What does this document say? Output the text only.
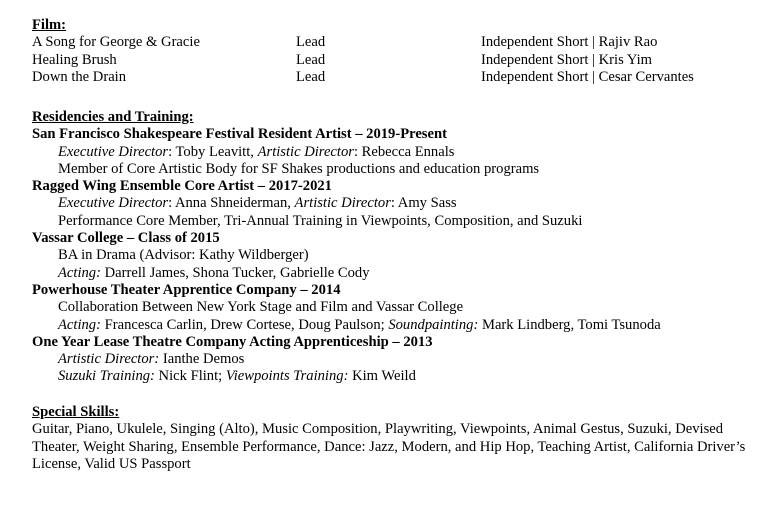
Film:
A Song for George & Gracie	Lead	Independent Short | Rajiv Rao
Healing Brush	Lead	Independent Short | Kris Yim
Down the Drain	Lead	Independent Short | Cesar Cervantes
Residencies and Training:
San Francisco Shakespeare Festival Resident Artist – 2019-Present
Executive Director: Toby Leavitt, Artistic Director: Rebecca Ennals
Member of Core Artistic Body for SF Shakes productions and education programs
Ragged Wing Ensemble Core Artist – 2017-2021
Executive Director: Anna Shneiderman, Artistic Director: Amy Sass
Performance Core Member, Tri-Annual Training in Viewpoints, Composition, and Suzuki
Vassar College – Class of 2015
BA in Drama (Advisor: Kathy Wildberger)
Acting: Darrell James, Shona Tucker, Gabrielle Cody
Powerhouse Theater Apprentice Company – 2014
Collaboration Between New York Stage and Film and Vassar College
Acting: Francesca Carlin, Drew Cortese, Doug Paulson; Soundpainting: Mark Lindberg, Tomi Tsunoda
One Year Lease Theatre Company Acting Apprenticeship – 2013
Artistic Director: Ianthe Demos
Suzuki Training: Nick Flint; Viewpoints Training: Kim Weild
Special Skills:
Guitar, Piano, Ukulele, Singing (Alto), Music Composition, Playwriting, Viewpoints, Animal Gestus, Suzuki, Devised Theater, Weight Sharing, Ensemble Performance, Dance: Jazz, Modern, and Hip Hop, Teaching Artist, California Driver’s License, Valid US Passport
